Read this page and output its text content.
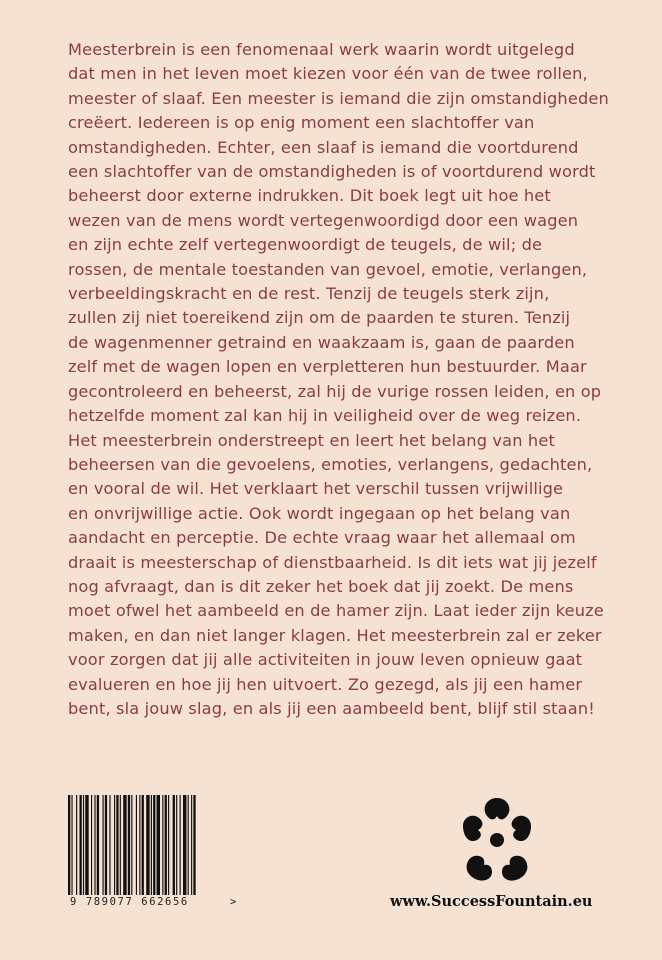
Meesterbrein is een fenomenaal werk waarin wordt uitgelegd
dat men in het leven moet kiezen voor één van de twee rollen,
meester of slaaf. Een meester is iemand die zijn omstandigheden
creëert. Iedereen is op enig moment een slachtoffer van
omstandigheden. Echter, een slaaf is iemand die voortdurend
een slachtoffer van de omstandigheden is of voortdurend wordt
beheerst door externe indrukken. Dit boek legt uit hoe het
wezen van de mens wordt vertegenwoordigd door een wagen
en zijn echte zelf vertegenwoordigt de teugels, de wil; de
rossen, de mentale toestanden van gevoel, emotie, verlangen,
verbeeldingskracht en de rest. Tenzij de teugels sterk zijn,
zullen zij niet toereikend zijn om de paarden te sturen. Tenzij
de wagenmenner getraind en waakzaam is, gaan de paarden
zelf met de wagen lopen en verpletteren hun bestuurder. Maar
gecontroleerd en beheerst, zal hij de vurige rossen leiden, en op
hetzelfde moment zal kan hij in veiligheid over de weg reizen.
Het meesterbrein onderstreept en leert het belang van het
beheersen van die gevoelens, emoties, verlangens, gedachten,
en vooral de wil. Het verklaart het verschil tussen vrijwillige
en onvrijwillige actie. Ook wordt ingegaan op het belang van
aandacht en perceptie. De echte vraag waar het allemaal om
draait is meesterschap of dienstbaarheid. Is dit iets wat jij jezelf
nog afvraagt, dan is dit zeker het boek dat jij zoekt. De mens
moet ofwel het aambeeld en de hamer zijn. Laat ieder zijn keuze
maken, en dan niet langer klagen. Het meesterbrein zal er zeker
voor zorgen dat jij alle activiteiten in jouw leven opnieuw gaat
evalueren en hoe jij hen uitvoert. Zo gezegd, als jij een hamer
bent, sla jouw slag, en als jij een aambeeld bent, blijf stil staan!

9 789077 662656	>	www.SuccessFountain.eu
